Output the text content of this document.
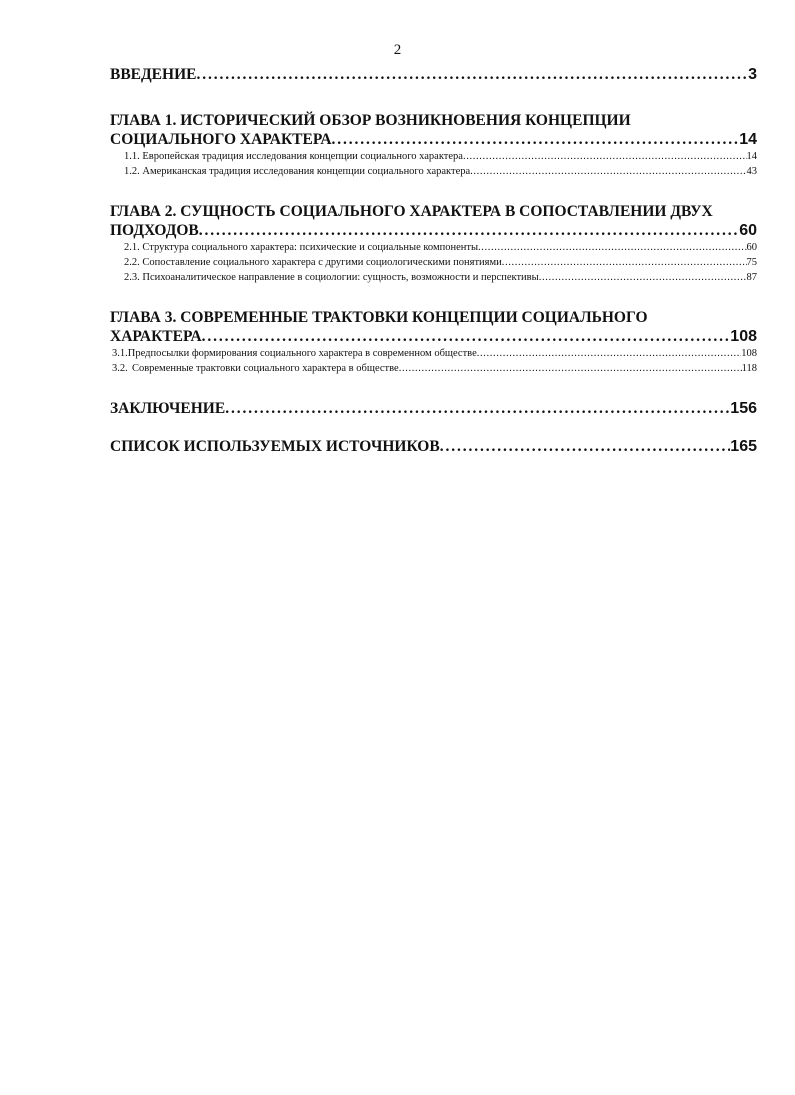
2
ВВЕДЕНИЕ . . .	3
ГЛАВА 1. ИСТОРИЧЕСКИЙ ОБЗОР ВОЗНИКНОВЕНИЯ КОНЦЕПЦИИ
СОЦИАЛЬНОГО ХАРАКТЕРА . . .	14
1.1. Европейская традиция исследования концепции социального характера . . .	14
1.2. Американская традиция исследования концепции социального характера . . .	43
ГЛАВА 2. СУЩНОСТЬ СОЦИАЛЬНОГО ХАРАКТЕРА В СОПОСТАВЛЕНИИ ДВУХ
ПОДХОДОВ . . .	60
2.1. Структура социального характера: психические и социальные компоненты . . .	60
2.2. Сопоставление социального характера с другими социологическими понятиями . . .	75
2.3. Психоаналитическое направление в социологии: сущность, возможности и перспективы . . .	87
ГЛАВА 3. СОВРЕМЕННЫЕ ТРАКТОВКИ КОНЦЕПЦИИ СОЦИАЛЬНОГО
ХАРАКТЕРА . . .	108
3.1. Предпосылки формирования социального характера в современном обществе . . .	108
3.2. Современные трактовки социального характера в обществе . . .	118
ЗАКЛЮЧЕНИЕ . . .	156
СПИСОК ИСПОЛЬЗУЕМЫХ ИСТОЧНИКОВ . . .	165
